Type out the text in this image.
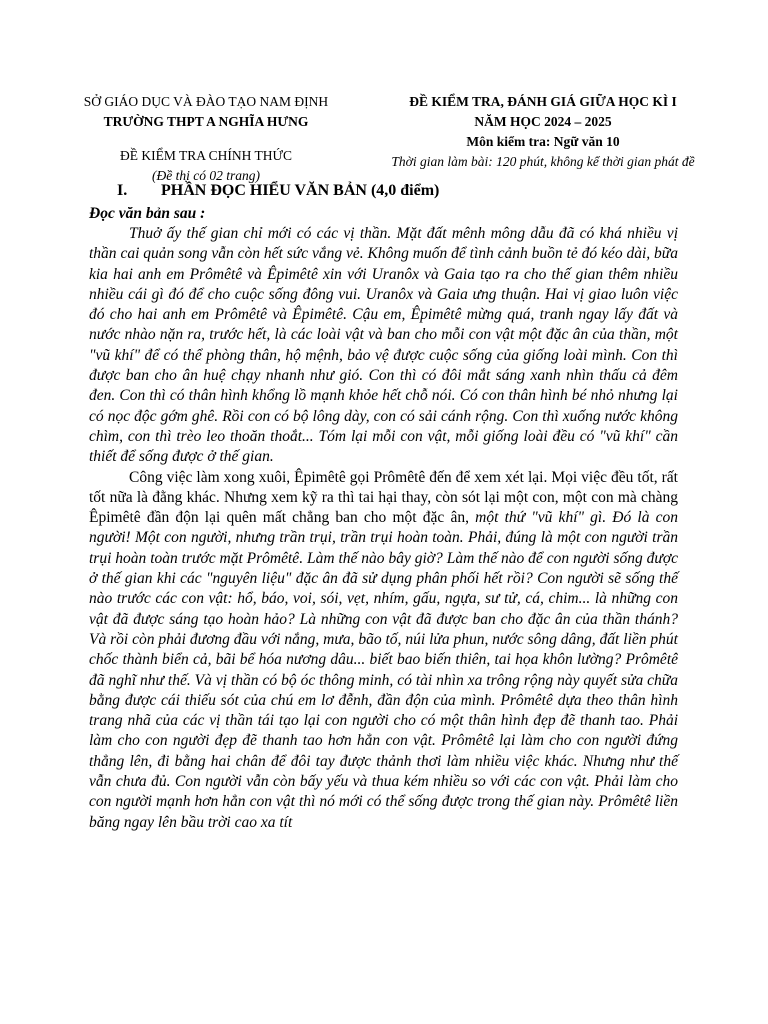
SỞ GIÁO DỤC VÀ ĐÀO TẠO NAM ĐỊNH
TRƯỜNG THPT A NGHĨA HƯNG
ĐỀ KIỂM TRA CHÍNH THỨC
(Đề thi có 02 trang)
ĐỀ KIỂM TRA, ĐÁNH GIÁ GIỮA HỌC KÌ I
NĂM HỌC 2024 – 2025
Môn kiểm tra: Ngữ văn 10
Thời gian làm bài: 120 phút, không kể thời gian phát đề
I. PHẦN ĐỌC HIỂU VĂN BẢN (4,0 điểm)
Đọc văn bản sau :

Thuở ấy thế gian chỉ mới có các vị thần. Mặt đất mênh mông dẫu đã có khá nhiều vị thần cai quản song vẫn còn hết sức vắng vẻ. Không muốn để tình cảnh buồn tẻ đó kéo dài, bữa kia hai anh em Prômêtê và Êpimêtê xin với Uranôx và Gaia tạo ra cho thế gian thêm nhiều nhiều cái gì đó để cho cuộc sống đông vui. Uranôx và Gaia ưng thuận. Hai vị giao luôn việc đó cho hai anh em Prômêtê và Êpimêtê. Cậu em, Êpimêtê mừng quá, tranh ngay lấy đất và nước nhào nặn ra, trước hết, là các loài vật và ban cho mỗi con vật một đặc ân của thần, một "vũ khí" để có thể phòng thân, hộ mệnh, bảo vệ được cuộc sống của giống loài mình. Con thì được ban cho ân huệ chạy nhanh như gió. Con thì có đôi mắt sáng xanh nhìn thấu cả đêm đen. Con thì có thân hình khổng lồ mạnh khỏe hết chỗ nói. Có con thân hình bé nhỏ nhưng lại có nọc độc gớm ghê. Rồi con có bộ lông dày, con có sải cánh rộng. Con thì xuống nước không chìm, con thì trèo leo thoăn thoắt... Tóm lại mỗi con vật, mỗi giống loài đều có "vũ khí" cần thiết để sống được ở thế gian.

Công việc làm xong xuôi, Êpimêtê gọi Prômêtê đến để xem xét lại. Mọi việc đều tốt, rất tốt nữa là đằng khác. Nhưng xem kỹ ra thì tai hại thay, còn sót lại một con, một con mà chàng Êpimêtê đần độn lại quên mất chẳng ban cho một đặc ân, một thứ "vũ khí" gì. Đó là con người! Một con người, nhưng trần trụi, trần trụi hoàn toàn. Phải, đúng là một con người trần trụi hoàn toàn trước mặt Prômêtê. Làm thế nào bây giờ? Làm thế nào để con người sống được ở thế gian khi các "nguyên liệu" đặc ân đã sử dụng phân phối hết rồi? Con người sẽ sống thế nào trước các con vật: hổ, báo, voi, sói, vẹt, nhím, gấu, ngựa, sư tử, cá, chim... là những con vật đã được sáng tạo hoàn hảo? Là những con vật đã được ban cho đặc ân của thần thánh? Và rồi còn phải đương đầu với nắng, mưa, bão tố, núi lửa phun, nước sông dâng, đất liền phút chốc thành biển cả, bãi bể hóa nương dâu... biết bao biến thiên, tai họa khôn lường? Prômêtê đã nghĩ như thế. Và vị thần có bộ óc thông minh, có tài nhìn xa trông rộng này quyết sửa chữa bằng được cái thiếu sót của chú em lơ đễnh, đần độn của mình. Prômêtê dựa theo thân hình trang nhã của các vị thần tái tạo lại con người cho có một thân hình đẹp đẽ thanh tao. Phải làm cho con người đẹp đẽ thanh tao hơn hẳn con vật. Prômêtê lại làm cho con người đứng thẳng lên, đi bằng hai chân để đôi tay được thảnh thơi làm nhiều việc khác. Nhưng như thế vẫn chưa đủ. Con người vẫn còn bấy yếu và thua kém nhiều so với các con vật. Phải làm cho con người mạnh hơn hẳn con vật thì nó mới có thể sống được trong thế gian này. Prômêtê liền băng ngay lên bầu trời cao xa tít
